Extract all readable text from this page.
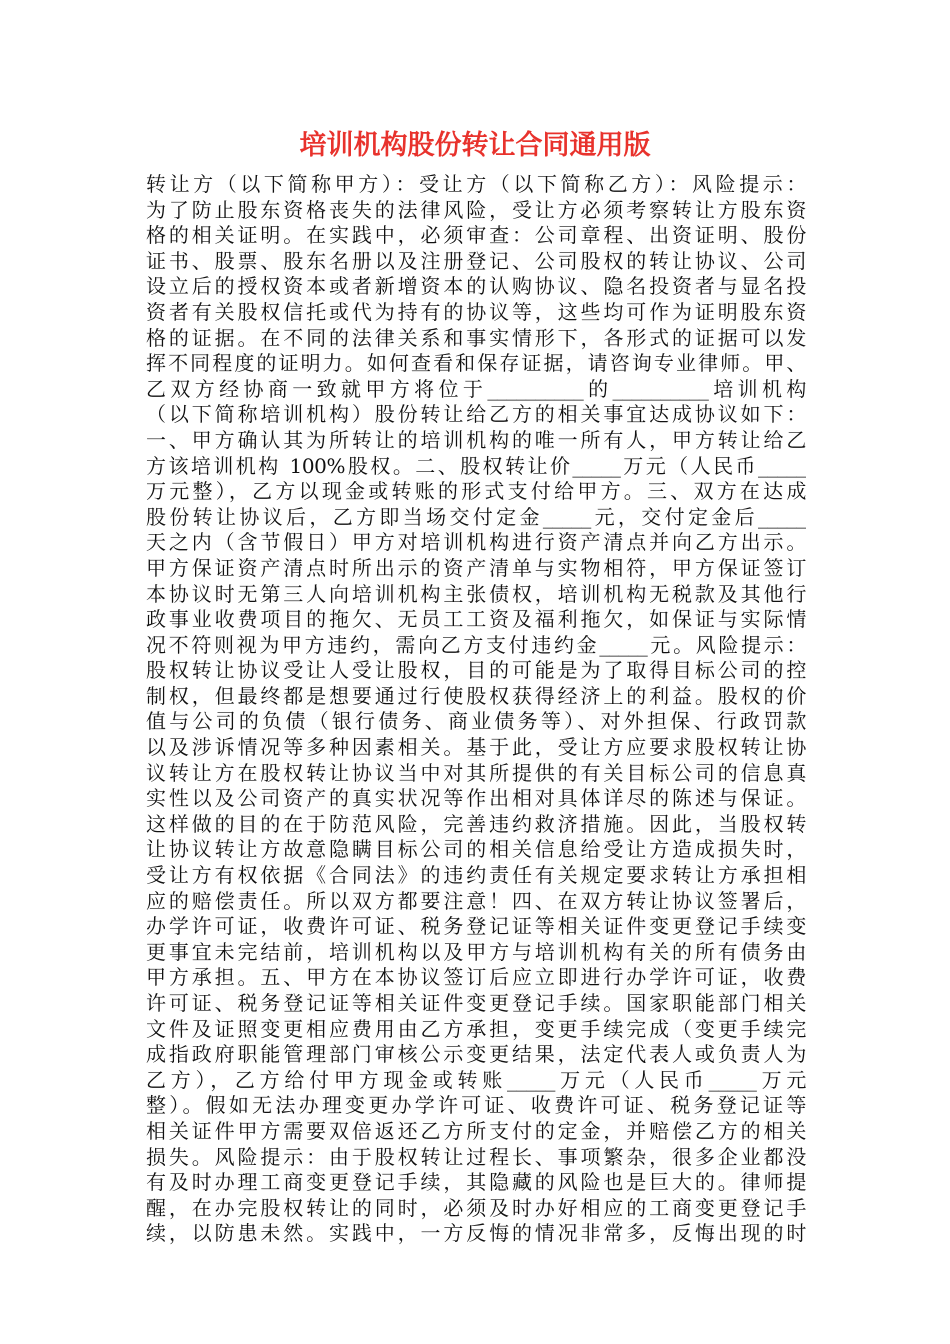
培训机构股份转让合同通用版
转让方（以下简称甲方）：受让方（以下简称乙方）：风险提示：
为了防止股东资格丧失的法律风险，受让方必须考察转让方股东资
格的相关证明。在实践中，必须审查：公司章程、出资证明、股份
证书、股票、股东名册以及注册登记、公司股权的转让协议、公司
设立后的授权资本或者新增资本的认购协议、隐名投资者与显名投
资者有关股权信托或代为持有的协议等，这些均可作为证明股东资
格的证据。在不同的法律关系和事实情形下，各形式的证据可以发
挥不同程度的证明力。如何查看和保存证据，请咨询专业律师。甲、
乙双方经协商一致就甲方将位于__________的__________培训机构
（以下简称培训机构）股份转让给乙方的相关事宜达成协议如下：
一、甲方确认其为所转让的培训机构的唯一所有人，甲方转让给乙
方该培训机构 100%股权。二、股权转让价_____万元（人民币_____
万元整），乙方以现金或转账的形式支付给甲方。三、双方在达成
股份转让协议后，乙方即当场交付定金_____元，交付定金后_____
天之内（含节假日）甲方对培训机构进行资产清点并向乙方出示。
甲方保证资产清点时所出示的资产清单与实物相符，甲方保证签订
本协议时无第三人向培训机构主张债权，培训机构无税款及其他行
政事业收费项目的拖欠、无员工工资及福利拖欠，如保证与实际情
况不符则视为甲方违约，需向乙方支付违约金_____元。风险提示：
股权转让协议受让人受让股权，目的可能是为了取得目标公司的控
制权，但最终都是想要通过行使股权获得经济上的利益。股权的价
值与公司的负债（银行债务、商业债务等）、对外担保、行政罚款
以及涉诉情况等多种因素相关。基于此，受让方应要求股权转让协
议转让方在股权转让协议当中对其所提供的有关目标公司的信息真
实性以及公司资产的真实状况等作出相对具体详尽的陈述与保证。
这样做的目的在于防范风险，完善违约救济措施。因此，当股权转
让协议转让方故意隐瞒目标公司的相关信息给受让方造成损失时，
受让方有权依据《合同法》的违约责任有关规定要求转让方承担相
应的赔偿责任。所以双方都要注意！四、在双方转让协议签署后，
办学许可证，收费许可证、税务登记证等相关证件变更登记手续变
更事宜未完结前，培训机构以及甲方与培训机构有关的所有债务由
甲方承担。五、甲方在本协议签订后应立即进行办学许可证，收费
许可证、税务登记证等相关证件变更登记手续。国家职能部门相关
文件及证照变更相应费用由乙方承担，变更手续完成（变更手续完
成指政府职能管理部门审核公示变更结果，法定代表人或负责人为
乙方），乙方给付甲方现金或转账_____万元（人民币_____万元
整）。假如无法办理变更办学许可证、收费许可证、税务登记证等
相关证件甲方需要双倍返还乙方所支付的定金，并赔偿乙方的相关
损失。风险提示：由于股权转让过程长、事项繁杂，很多企业都没
有及时办理工商变更登记手续，其隐藏的风险也是巨大的。律师提
醒，在办完股权转让的同时，必须及时办好相应的工商变更登记手
续，以防患未然。实践中，一方反悔的情况非常多，反悔出现的时
